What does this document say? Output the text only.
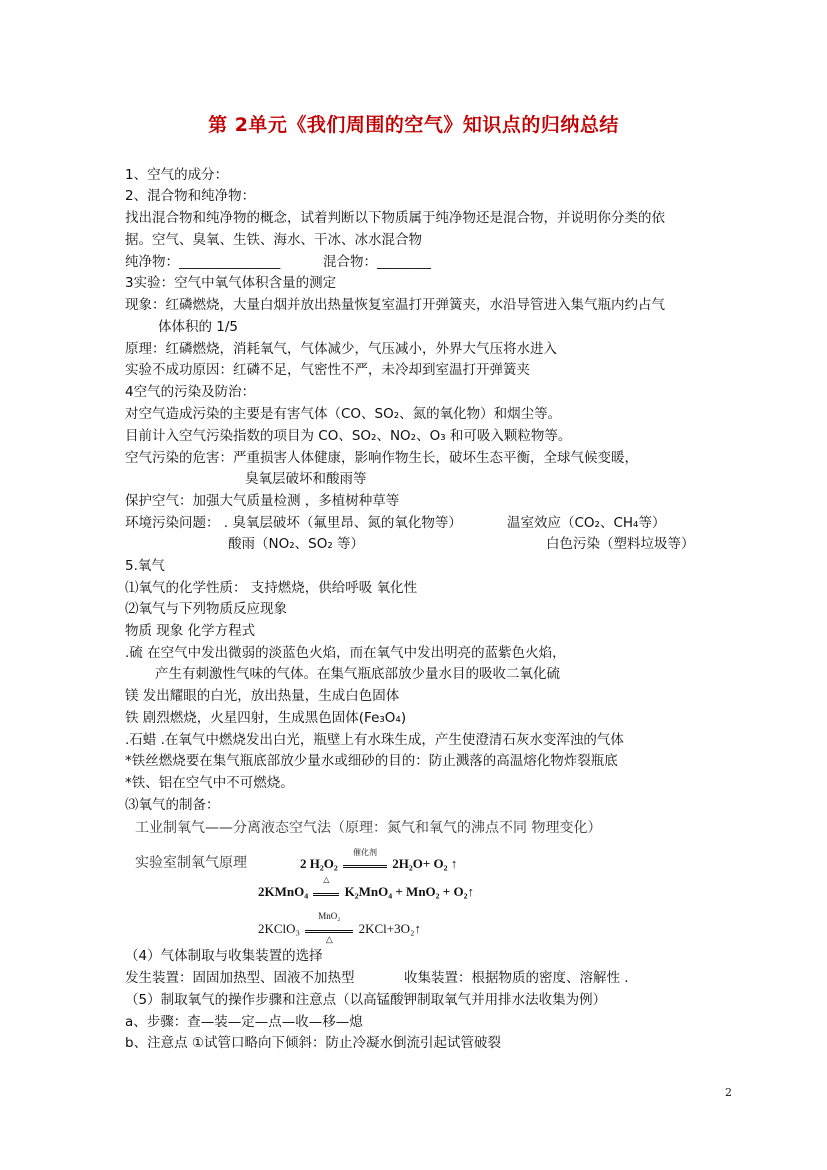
第 2单元《我们周围的空气》知识点的归纳总结
1、空气的成分：
2、混合物和纯净物：
找出混合物和纯净物的概念，试着判断以下物质属于纯净物还是混合物，并说明你分类的依
据。空气、臭氧、生铁、海水、干冰、冰水混合物
纯净物：_______________	混合物：________
3实验：空气中氧气体积含量的测定
现象：红磷燃烧，大量白烟并放出热量恢复室温打开弹簧夹，水沿导管进入集气瓶内约占气
体体积的 1/5
原理：红磷燃烧，消耗氧气，气体减少，气压减小，外界大气压将水进入
实验不成功原因：红磷不足，气密性不严，未冷却到室温打开弹簧夹
4空气的污染及防治：
对空气造成污染的主要是有害气体（CO、SO₂、氮的氧化物）和烟尘等。
目前计入空气污染指数的项目为 CO、SO₂、NO₂、O₃ 和可吸入颗粒物等。
空气污染的危害：严重损害人体健康，影响作物生长，破坏生态平衡，全球气候变暖，
臭氧层破坏和酸雨等
保护空气：加强大气质量检测 ，多植树种草等
环境污染问题： . 臭氧层破坏（氟里昂、氮的氧化物等）	温室效应（CO₂、CH₄等）
酸雨（NO₂、SO₂ 等）	白色污染（塑料垃圾等）
5.氧气
⑴氧气的化学性质： 支持燃烧，供给呼吸 氧化性
⑵氧气与下列物质反应现象
物质 现象 化学方程式
.硫 在空气中发出微弱的淡蓝色火焰，而在氧气中发出明亮的蓝紫色火焰，
产生有刺激性气味的气体。在集气瓶底部放少量水目的吸收二氧化硫
镁 发出耀眼的白光，放出热量，生成白色固体
铁 剧烈燃烧，火星四射，生成黑色固体(Fe₃O₄)
.石蜡 .在氧气中燃烧发出白光，瓶壁上有水珠生成，产生使澄清石灰水变浑浊的气体
*铁丝燃烧要在集气瓶底部放少量水或细砂的目的：防止溅落的高温熔化物炸裂瓶底
*铁、铝在空气中不可燃烧。
⑶氧气的制备：
工业制氧气——分离液态空气法（原理：氮气和氧气的沸点不同 物理变化）
实验室制氧气原理	2 H₂O₂
催化剂
2H₂O+ O₂ ↑
2KMnO₄
△
K₂MnO₄ + MnO₂ + O₂↑
2KClO₃
MnO₂
△
2KCl+3O₂↑
（4）气体制取与收集装置的选择
发生装置：固固加热型、固液不加热型	收集装置：根据物质的密度、溶解性 .
（5）制取氧气的操作步骤和注意点（以高锰酸钾制取氧气并用排水法收集为例）
a、步骤：查—装—定—点—收—移—熄
b、注意点 ①试管口略向下倾斜：防止冷凝水倒流引起试管破裂
2
